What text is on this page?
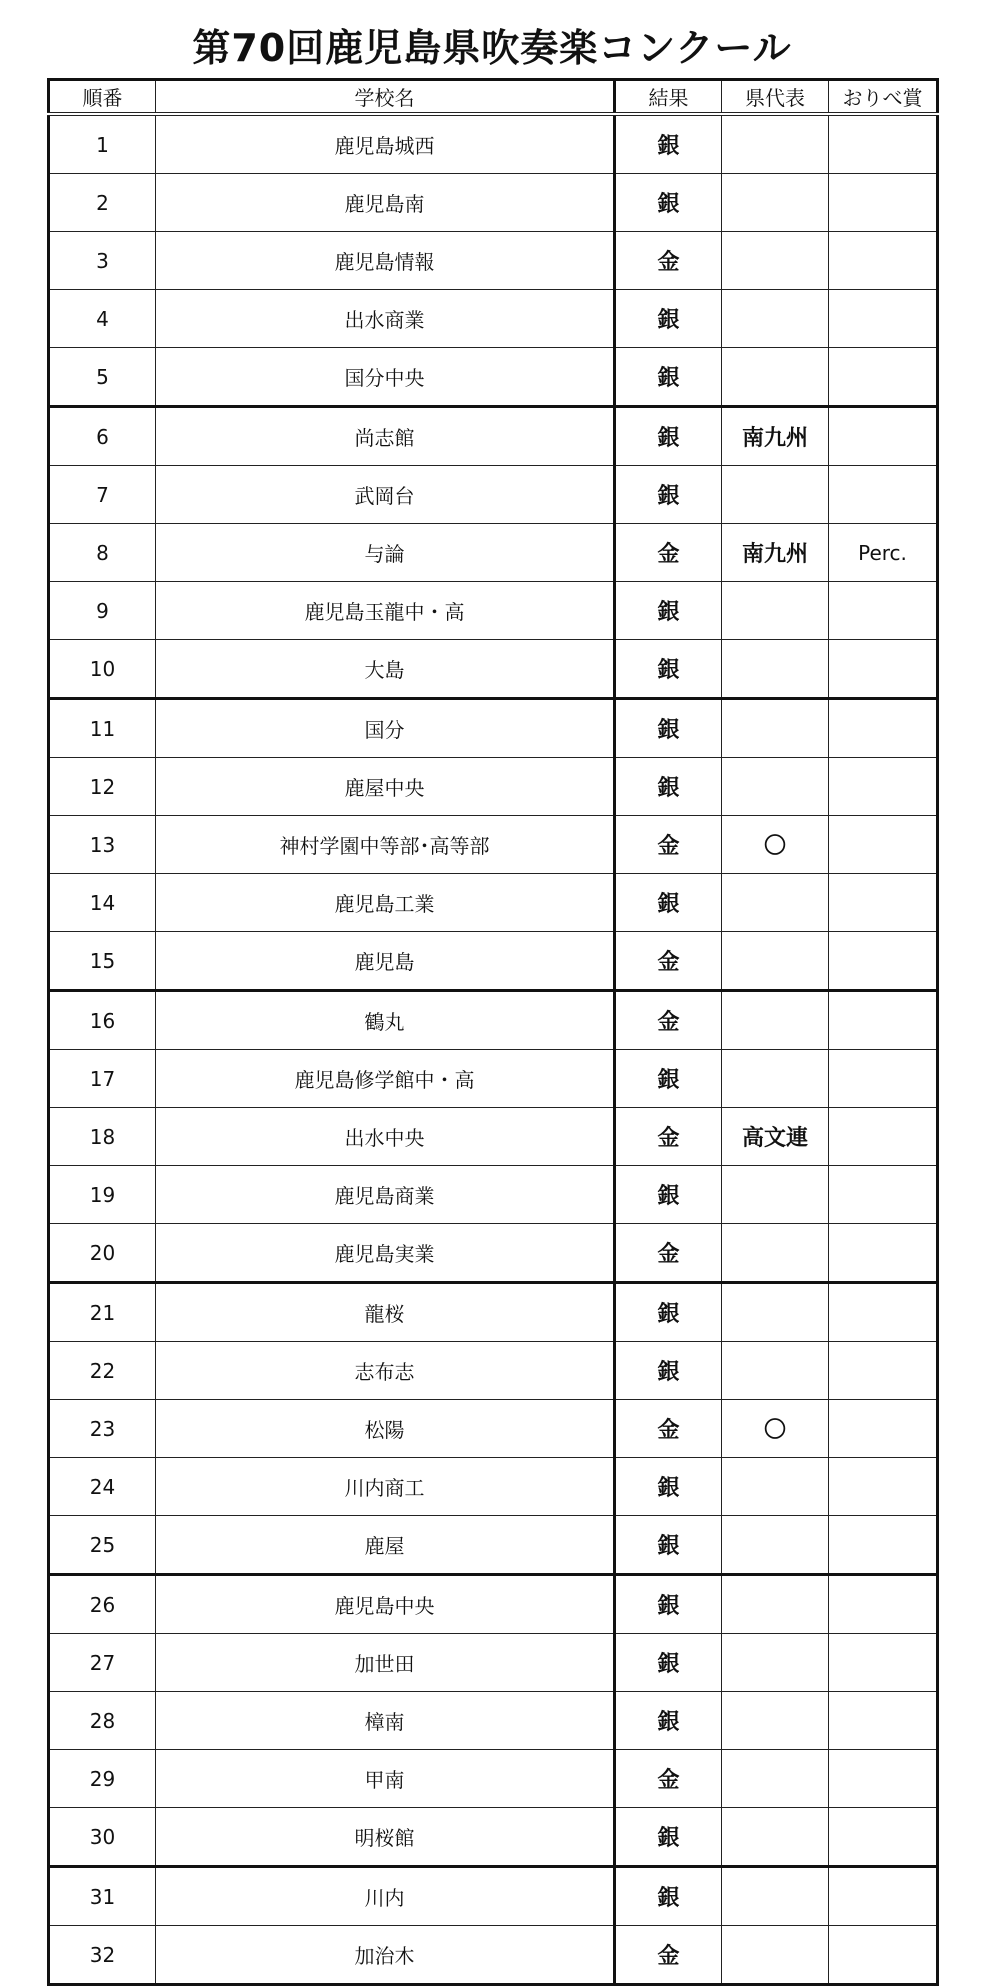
第70回鹿児島県吹奏楽コンクール
順番	学校名	結果	県代表	おりべ賞
1	鹿児島城西	銀		
2	鹿児島南	銀		
3	鹿児島情報	金		
4	出水商業	銀		
5	国分中央	銀		
6	尚志館	銀	南九州	
7	武岡台	銀		
8	与論	金	南九州	Perc.
9	鹿児島玉龍中・高	銀		
10	大島	銀		
11	国分	銀		
12	鹿屋中央	銀		
13	神村学園中等部･高等部	金	〇	
14	鹿児島工業	銀		
15	鹿児島	金		
16	鶴丸	金		
17	鹿児島修学館中・高	銀		
18	出水中央	金	高文連	
19	鹿児島商業	銀		
20	鹿児島実業	金		
21	龍桜	銀		
22	志布志	銀		
23	松陽	金	〇	
24	川内商工	銀		
25	鹿屋	銀		
26	鹿児島中央	銀		
27	加世田	銀		
28	樟南	銀		
29	甲南	金		
30	明桜館	銀		
31	川内	銀		
32	加治木	金		
